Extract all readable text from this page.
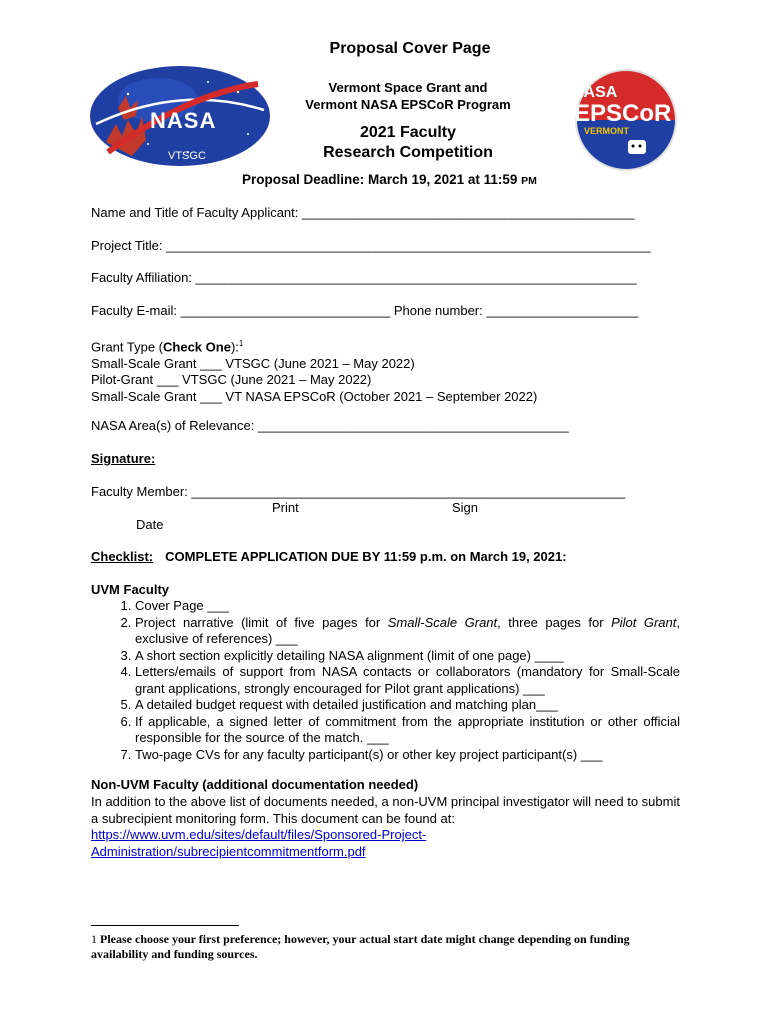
Proposal Cover Page
NASA
VTSGC
Vermont Space Grant and
Vermont NASA EPSCoR Program
2021 Faculty
Research Competition
NASA
EPSCoR
VERMONT
Proposal Deadline: March 19, 2021 at 11:59 PM
Name and Title of Faculty Applicant: ______________________________________________
Project Title: ___________________________________________________________________
Faculty Affiliation: _____________________________________________________________
Faculty E-mail: _____________________________ Phone number: _____________________
Grant Type (Check One):$^1$
Small-Scale Grant ___ VTSGC (June 2021 – May 2022)
Pilot-Grant ___ VTSGC (June 2021 – May 2022)
Small-Scale Grant ___ VT NASA EPSCoR (October 2021 – September 2022)
NASA Area(s) of Relevance: ___________________________________________
Signature:
Faculty Member: ____________________________________________________________
Print	Sign
Date
Checklist: COMPLETE APPLICATION DUE BY 11:59 p.m. on March 19, 2021:
UVM Faculty
1. Cover Page ___
2. Project narrative (limit of five pages for Small-Scale Grant, three pages for Pilot Grant, exclusive of references) ___
3. A short section explicitly detailing NASA alignment (limit of one page) ____
4. Letters/emails of support from NASA contacts or collaborators (mandatory for Small-Scale grant applications, strongly encouraged for Pilot grant applications) ___
5. A detailed budget request with detailed justification and matching plan___
6. If applicable, a signed letter of commitment from the appropriate institution or other official responsible for the source of the match. ___
7. Two-page CVs for any faculty participant(s) or other key project participant(s) ___
Non-UVM Faculty (additional documentation needed)
In addition to the above list of documents needed, a non-UVM principal investigator will need to submit a subrecipient monitoring form. This document can be found at:
https://www.uvm.edu/sites/default/files/Sponsored-Project-
Administration/subrecipientcommitmentform.pdf
1 Please choose your first preference; however, your actual start date might change depending on funding availability and funding sources.
